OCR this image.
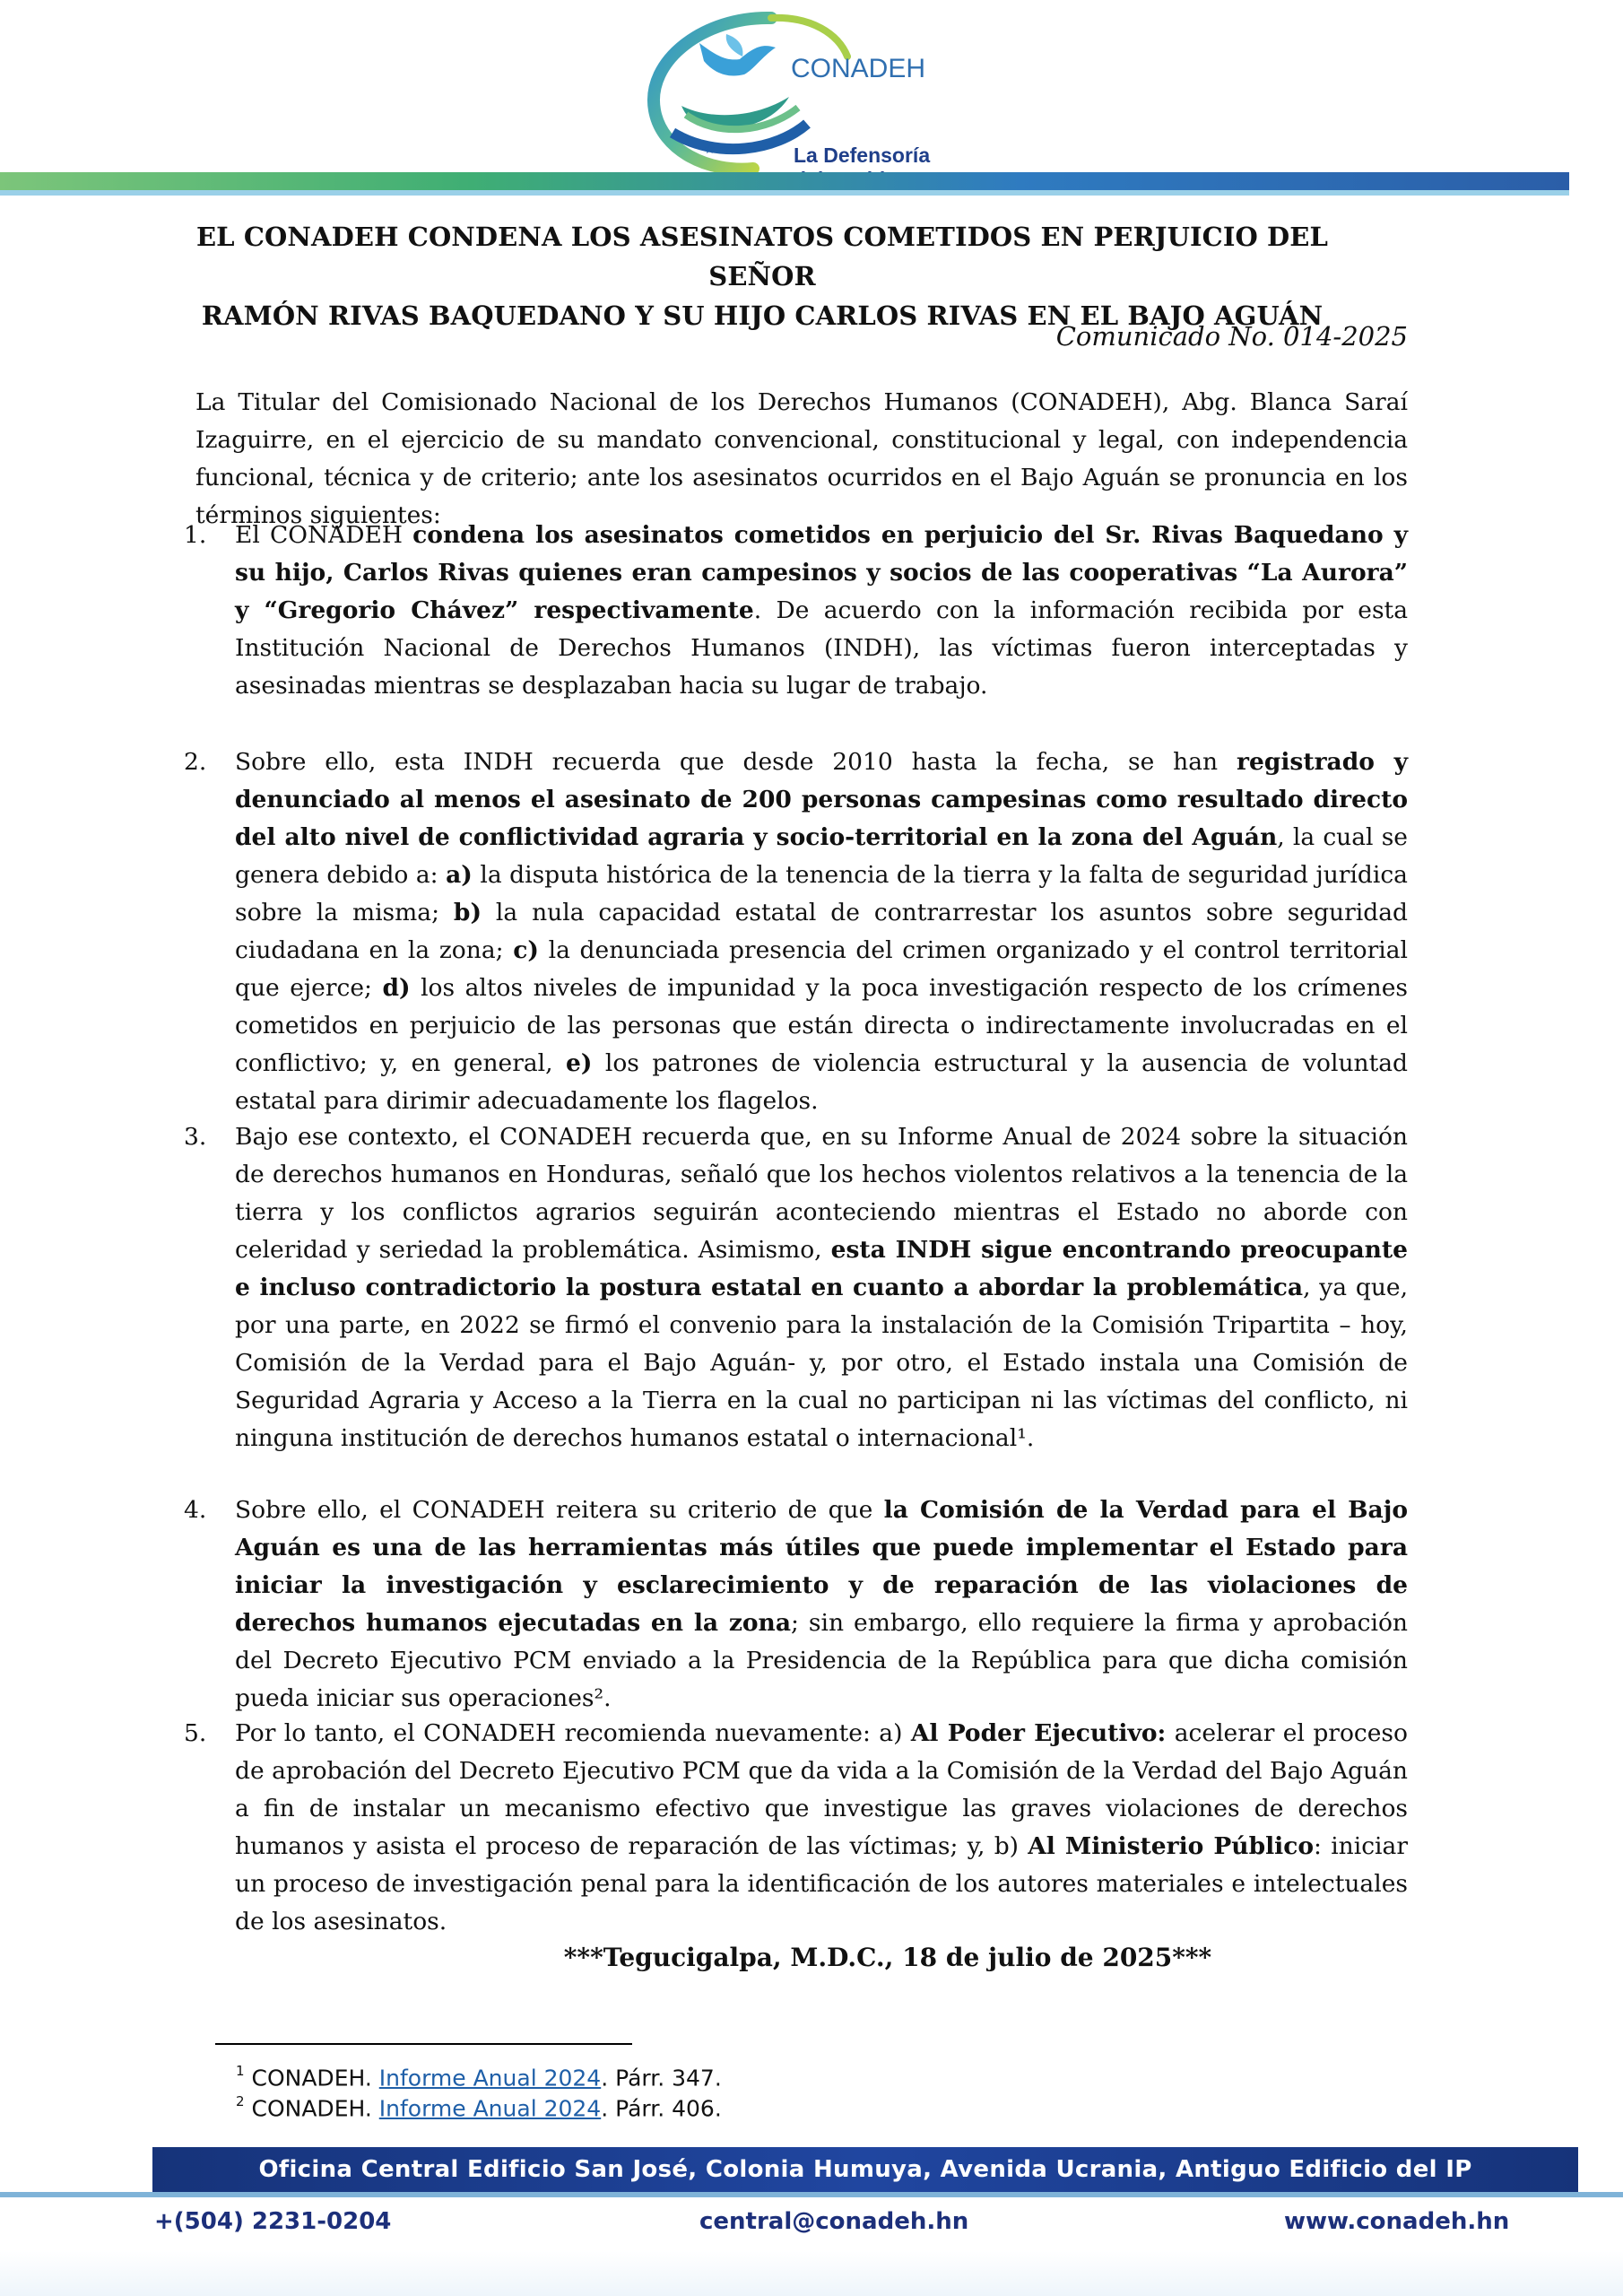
★ ★ ★
CONADEH
La Defensoría
EL CONADEH CONDENA LOS ASESINATOS COMETIDOS EN PERJUICIO DEL SEÑOR
RAMÓN RIVAS BAQUEDANO Y SU HIJO CARLOS RIVAS EN EL BAJO AGUÁN
Comunicado No. 014-2025
La Titular del Comisionado Nacional de los Derechos Humanos (CONADEH), Abg. Blanca Saraí Izaguirre, en el ejercicio de su mandato convencional, constitucional y legal, con independencia funcional, técnica y de criterio; ante los asesinatos ocurridos en el Bajo Aguán se pronuncia en los términos siguientes:
1.	El CONADEH condena los asesinatos cometidos en perjuicio del Sr. Rivas Baquedano y su hijo, Carlos Rivas quienes eran campesinos y socios de las cooperativas “La Aurora” y “Gregorio Chávez” respectivamente. De acuerdo con la información recibida por esta Institución Nacional de Derechos Humanos (INDH), las víctimas fueron interceptadas y asesinadas mientras se desplazaban hacia su lugar de trabajo.
2.	Sobre ello, esta INDH recuerda que desde 2010 hasta la fecha, se han registrado y denunciado al menos el asesinato de 200 personas campesinas como resultado directo del alto nivel de conflictividad agraria y socio-territorial en la zona del Aguán, la cual se genera debido a: a) la disputa histórica de la tenencia de la tierra y la falta de seguridad jurídica sobre la misma; b) la nula capacidad estatal de contrarrestar los asuntos sobre seguridad ciudadana en la zona; c) la denunciada presencia del crimen organizado y el control territorial que ejerce; d) los altos niveles de impunidad y la poca investigación respecto de los crímenes cometidos en perjuicio de las personas que están directa o indirectamente involucradas en el conflictivo; y, en general, e) los patrones de violencia estructural y la ausencia de voluntad estatal para dirimir adecuadamente los flagelos.
3.	Bajo ese contexto, el CONADEH recuerda que, en su Informe Anual de 2024 sobre la situación de derechos humanos en Honduras, señaló que los hechos violentos relativos a la tenencia de la tierra y los conflictos agrarios seguirán aconteciendo mientras el Estado no aborde con celeridad y seriedad la problemática. Asimismo, esta INDH sigue encontrando preocupante e incluso contradictorio la postura estatal en cuanto a abordar la problemática, ya que, por una parte, en 2022 se firmó el convenio para la instalación de la Comisión Tripartita – hoy, Comisión de la Verdad para el Bajo Aguán- y, por otro, el Estado instala una Comisión de Seguridad Agraria y Acceso a la Tierra en la cual no participan ni las víctimas del conflicto, ni ninguna institución de derechos humanos estatal o internacional¹.
4.	Sobre ello, el CONADEH reitera su criterio de que la Comisión de la Verdad para el Bajo Aguán es una de las herramientas más útiles que puede implementar el Estado para iniciar la investigación y esclarecimiento y de reparación de las violaciones de derechos humanos ejecutadas en la zona; sin embargo, ello requiere la firma y aprobación del Decreto Ejecutivo PCM enviado a la Presidencia de la República para que dicha comisión pueda iniciar sus operaciones².
5.	Por lo tanto, el CONADEH recomienda nuevamente: a) Al Poder Ejecutivo: acelerar el proceso de aprobación del Decreto Ejecutivo PCM que da vida a la Comisión de la Verdad del Bajo Aguán a fin de instalar un mecanismo efectivo que investigue las graves violaciones de derechos humanos y asista el proceso de reparación de las víctimas; y, b) Al Ministerio Público: iniciar un proceso de investigación penal para la identificación de los autores materiales e intelectuales de los asesinatos.
***Tegucigalpa, M.D.C., 18 de julio de 2025***
$^1$ CONADEH. Informe Anual 2024. Párr. 347.
$^2$ CONADEH. Informe Anual 2024. Párr. 406.
Oficina Central Edificio San José, Colonia Humuya, Avenida Ucrania, Antiguo Edificio del IP
+(504) 2231-0204	central@conadeh.hn	www.conadeh.hn
